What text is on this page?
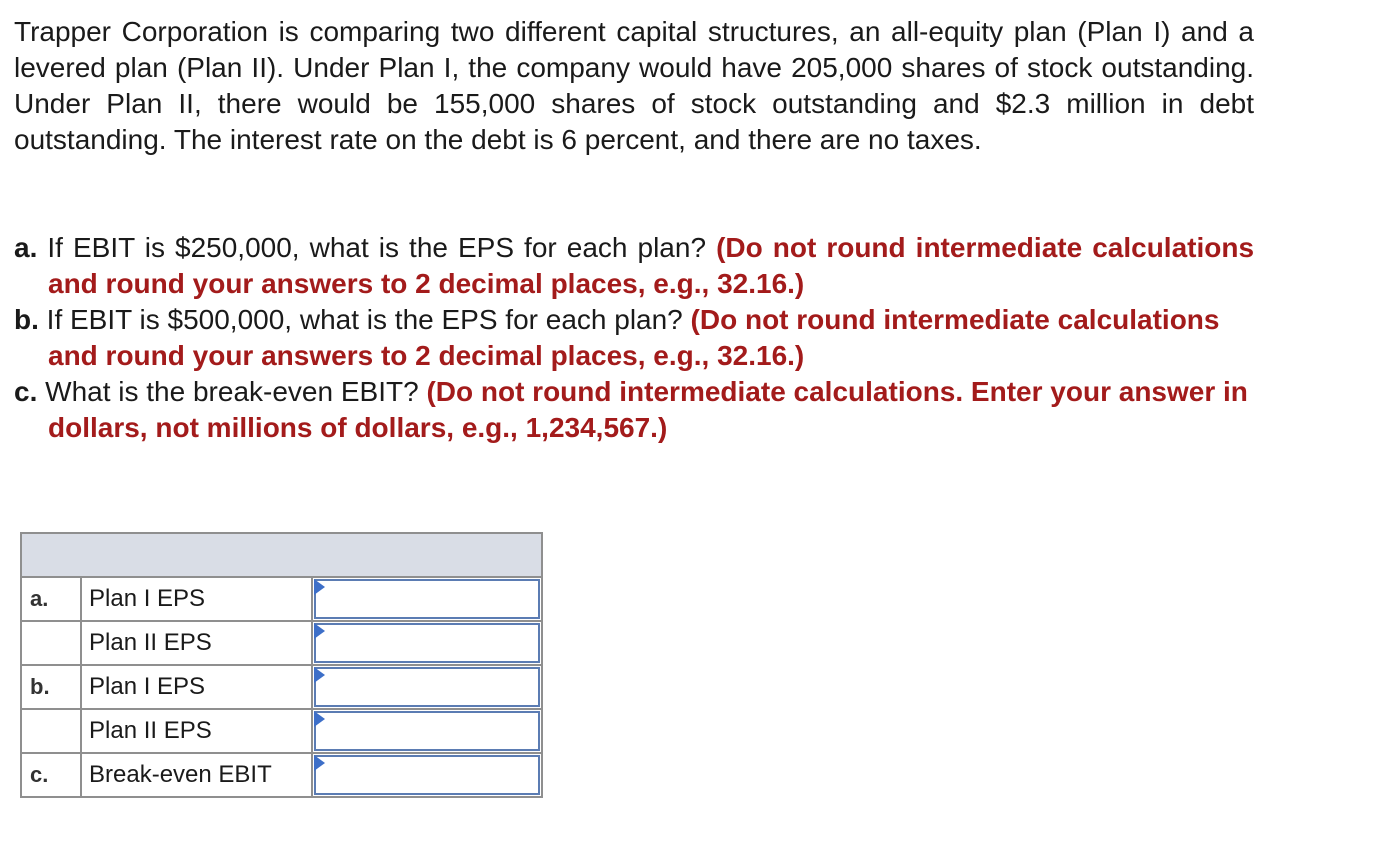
Trapper Corporation is comparing two different capital structures, an all-equity plan (Plan I) and a levered plan (Plan II). Under Plan I, the company would have 205,000 shares of stock outstanding. Under Plan II, there would be 155,000 shares of stock outstanding and $2.3 million in debt outstanding. The interest rate on the debt is 6 percent, and there are no taxes.

a. If EBIT is $250,000, what is the EPS for each plan? (Do not round intermediate calculations and round your answers to 2 decimal places, e.g., 32.16.)
b. If EBIT is $500,000, what is the EPS for each plan? (Do not round intermediate calculations and round your answers to 2 decimal places, e.g., 32.16.)
c. What is the break-even EBIT? (Do not round intermediate calculations. Enter your answer in dollars, not millions of dollars, e.g., 1,234,567.)

a.	Plan I EPS	

	Plan II EPS	

b.	Plan I EPS	

	Plan II EPS	

c.	Break-even EBIT	
